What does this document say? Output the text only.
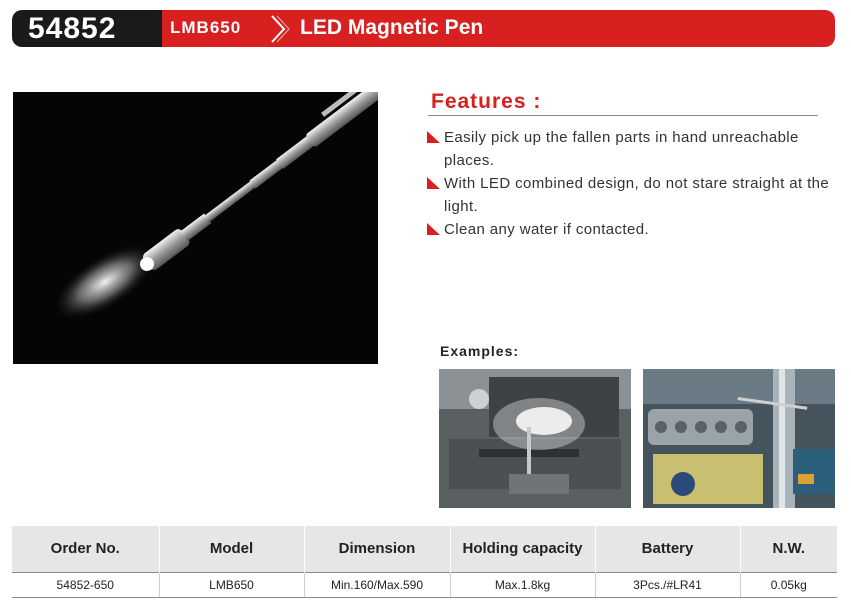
54852	LMB650	LED Magnetic Pen
Features :
Easily pick up the fallen parts in hand unreachable places.
With LED combined design, do not stare straight at the light.
Clean any water if contacted.
Examples:
Order No.	Model	Dimension	Holding capacity	Battery	N.W.
54852-650	LMB650	Min.160/Max.590	Max.1.8kg	3Pcs./#LR41	0.05kg
